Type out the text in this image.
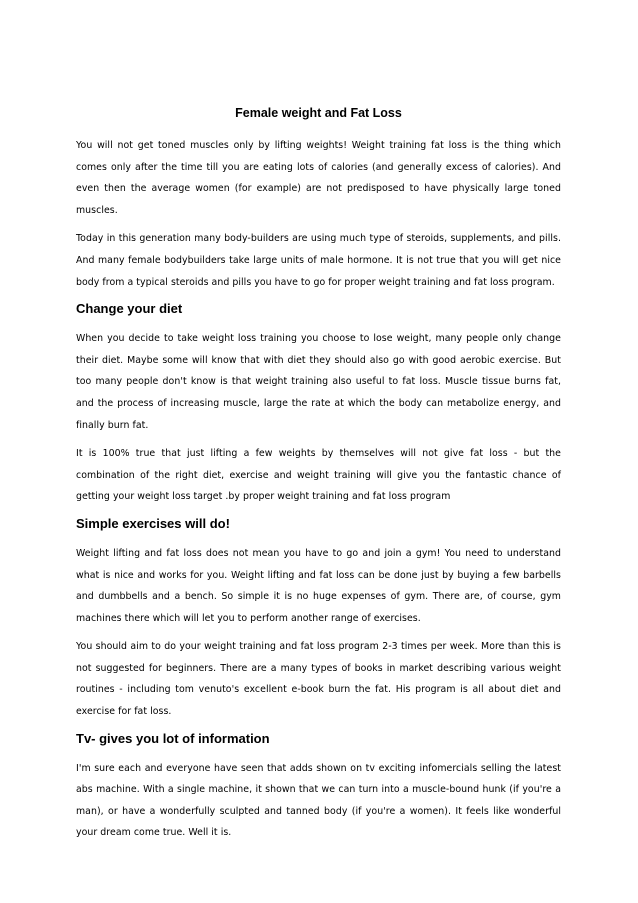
Female weight and Fat Loss

You will not get toned muscles only by lifting weights! Weight training fat loss is the thing which comes only after the time till you are eating lots of calories (and generally excess of calories). And even then the average women (for example) are not predisposed to have physically large toned muscles.

Today in this generation many body-builders are using much type of steroids, supplements, and pills. And many female bodybuilders take large units of male hormone. It is not true that you will get nice body from a typical steroids and pills you have to go for proper weight training and fat loss program.

Change your diet

When you decide to take weight loss training you choose to lose weight, many people only change their diet. Maybe some will know that with diet they should also go with good aerobic exercise. But too many people don't know is that weight training also useful to fat loss. Muscle tissue burns fat, and the process of increasing muscle, large the rate at which the body can metabolize energy, and finally burn fat.

It is 100% true that just lifting a few weights by themselves will not give fat loss - but the combination of the right diet, exercise and weight training will give you the fantastic chance of getting your weight loss target .by proper weight training and fat loss program

Simple exercises will do!

Weight lifting and fat loss does not mean you have to go and join a gym! You need to understand what is nice and works for you. Weight lifting and fat loss can be done just by buying a few barbells and dumbbells and a bench. So simple it is no huge expenses of gym. There are, of course, gym machines there which will let you to perform another range of exercises.

You should aim to do your weight training and fat loss program 2-3 times per week. More than this is not suggested for beginners. There are a many types of books in market describing various weight routines - including tom venuto's excellent e-book burn the fat. His program is all about diet and exercise for fat loss.

Tv- gives you lot of information

I'm sure each and everyone have seen that adds shown on tv exciting infomercials selling the latest abs machine. With a single machine, it shown that we can turn into a muscle-bound hunk (if you're a man), or have a wonderfully sculpted and tanned body (if you're a women). It feels like wonderful your dream come true. Well it is.
